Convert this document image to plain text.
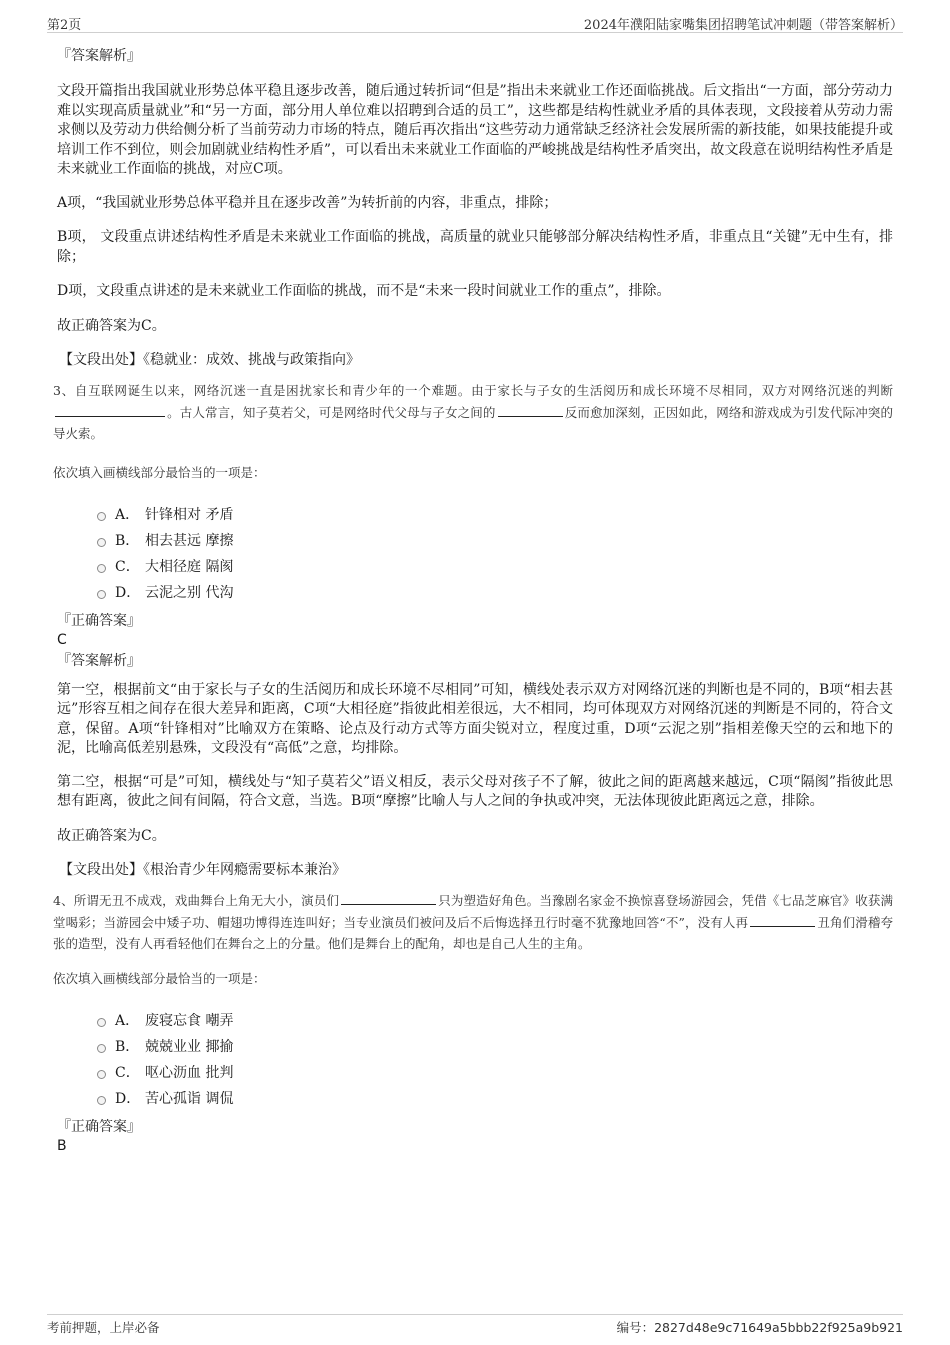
第2页	2024年濮阳陆家嘴集团招聘笔试冲刺题（带答案解析）
『答案解析』

文段开篇指出我国就业形势总体平稳且逐步改善，随后通过转折词“但是”指出未来就业工作还面临挑战。后文指出“一方面，部分劳动力难以实现高质量就业”和“另一方面，部分用人单位难以招聘到合适的员工”，这些都是结构性就业矛盾的具体表现，文段接着从劳动力需求侧以及劳动力供给侧分析了当前劳动力市场的特点，随后再次指出“这些劳动力通常缺乏经济社会发展所需的新技能，如果技能提升或培训工作不到位，则会加剧就业结构性矛盾”，可以看出未来就业工作面临的严峻挑战是结构性矛盾突出，故文段意在说明结构性矛盾是未来就业工作面临的挑战，对应C项。

A项，“我国就业形势总体平稳并且在逐步改善”为转折前的内容，非重点，排除；

B项， 文段重点讲述结构性矛盾是未来就业工作面临的挑战，高质量的就业只能够部分解决结构性矛盾，非重点且“关键”无中生有，排除；

D项，文段重点讲述的是未来就业工作面临的挑战，而不是“未来一段时间就业工作的重点”，排除。

故正确答案为C。

【文段出处】《稳就业：成效、挑战与政策指向》

3、自互联网诞生以来，网络沉迷一直是困扰家长和青少年的一个难题。由于家长与子女的生活阅历和成长环境不尽相同，双方对网络沉迷的判断。古人常言，知子莫若父，可是网络时代父母与子女之间的	反而愈加深刻，正因如此，网络和游戏成为引发代际冲突的导火索。

依次填入画横线部分最恰当的一项是：

A． 针锋相对 矛盾
B． 相去甚远 摩擦
C． 大相径庭 隔阂
D． 云泥之别 代沟
『正确答案』
C
『答案解析』

第一空，根据前文“由于家长与子女的生活阅历和成长环境不尽相同”可知，横线处表示双方对网络沉迷的判断也是不同的，B项“相去甚远”形容互相之间存在很大差异和距离，C项“大相径庭”指彼此相差很远，大不相同，均可体现双方对网络沉迷的判断是不同的，符合文意，保留。A项“针锋相对”比喻双方在策略、论点及行动方式等方面尖锐对立，程度过重，D项“云泥之别”指相差像天空的云和地下的泥，比喻高低差别悬殊，文段没有“高低”之意，均排除。

第二空，根据“可是”可知，横线处与“知子莫若父”语义相反，表示父母对孩子不了解，彼此之间的距离越来越远，C项“隔阂”指彼此思想有距离，彼此之间有间隔，符合文意，当选。B项“摩擦”比喻人与人之间的争执或冲突，无法体现彼此距离远之意，排除。

故正确答案为C。

【文段出处】《根治青少年网瘾需要标本兼治》

4、所谓无丑不成戏，戏曲舞台上角无大小，演员们	只为塑造好角色。当豫剧名家金不换惊喜登场游园会，凭借《七品芝麻官》收获满堂喝彩；当游园会中矮子功、帽翅功博得连连叫好；当专业演员们被问及后不后悔选择丑行时毫不犹豫地回答“不”，没有人再	丑角们滑稽夸张的造型，没有人再看轻他们在舞台之上的分量。他们是舞台上的配角，却也是自己人生的主角。

依次填入画横线部分最恰当的一项是：

A． 废寝忘食 嘲弄
B． 兢兢业业 揶揄
C． 呕心沥血 批判
D． 苦心孤诣 调侃
『正确答案』
B
考前押题，上岸必备	编号：2827d48e9c71649a5bbb22f925a9b921
